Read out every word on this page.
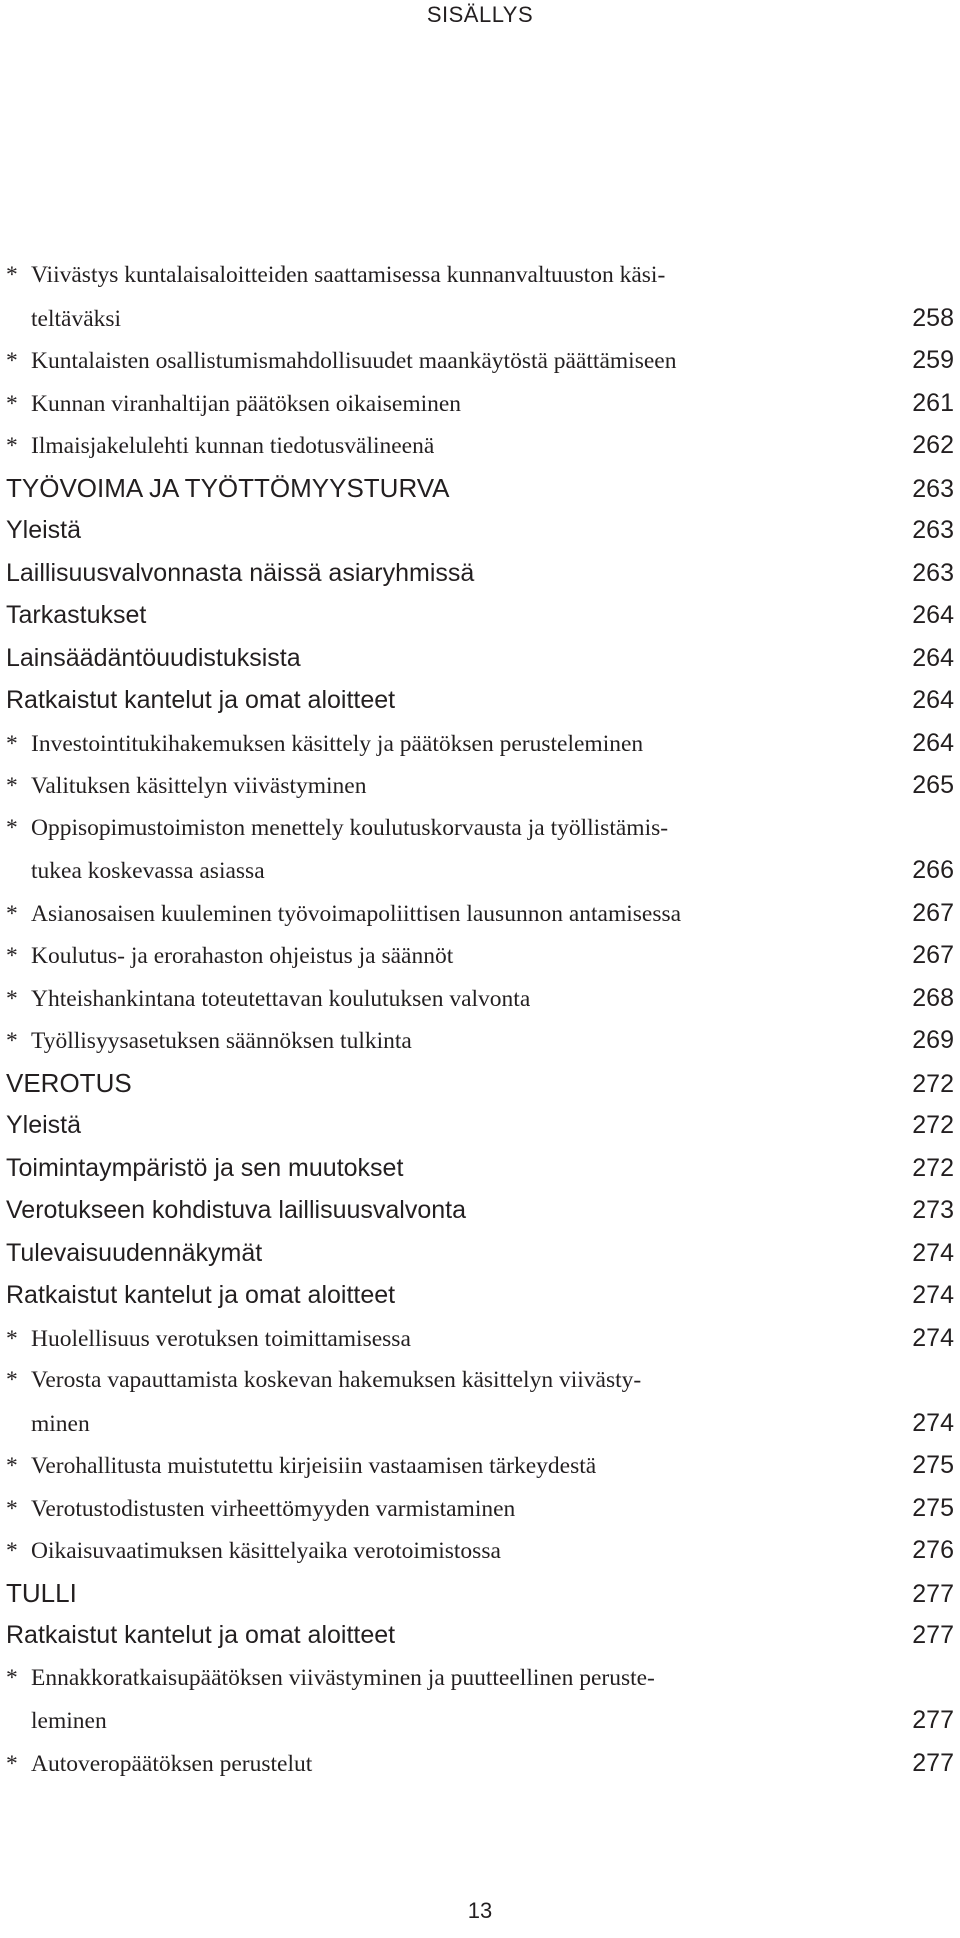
SISÄLLYS
* Viivästys kuntalaisaloitteiden saattamisessa kunnanvaltuuston käsi-
teltäväksi	258
* Kuntalaisten osallistumismahdollisuudet maankäytöstä päättämiseen	259
* Kunnan viranhaltijan päätöksen oikaiseminen	261
* Ilmaisjakelulehti kunnan tiedotusvälineenä	262
TYÖVOIMA JA TYÖTTÖMYYSTURVA	263
Yleistä	263
Laillisuusvalvonnasta näissä asiaryhmissä	263
Tarkastukset	264
Lainsäädäntöuudistuksista	264
Ratkaistut kantelut ja omat aloitteet	264
* Investointitukihakemuksen käsittely ja päätöksen perusteleminen	264
* Valituksen käsittelyn viivästyminen	265
* Oppisopimustoimiston menettely koulutuskorvausta ja työllistämis-
tukea koskevassa asiassa	266
* Asianosaisen kuuleminen työvoimapoliittisen lausunnon antamisessa	267
* Koulutus- ja erorahaston ohjeistus ja säännöt	267
* Yhteishankintana toteutettavan koulutuksen valvonta	268
* Työllisyysasetuksen säännöksen tulkinta	269
VEROTUS	272
Yleistä	272
Toimintaympäristö ja sen muutokset	272
Verotukseen kohdistuva laillisuusvalvonta	273
Tulevaisuudennäkymät	274
Ratkaistut kantelut ja omat aloitteet	274
* Huolellisuus verotuksen toimittamisessa	274
* Verosta vapauttamista koskevan hakemuksen käsittelyn viivästy-
minen	274
* Verohallitusta muistutettu kirjeisiin vastaamisen tärkeydestä	275
* Verotustodistusten virheettömyyden varmistaminen	275
* Oikaisuvaatimuksen käsittelyaika verotoimistossa	276
TULLI	277
Ratkaistut kantelut ja omat aloitteet	277
* Ennakkoratkaisupäätöksen viivästyminen ja puutteellinen peruste-
leminen	277
* Autoveropäätöksen perustelut	277
13
